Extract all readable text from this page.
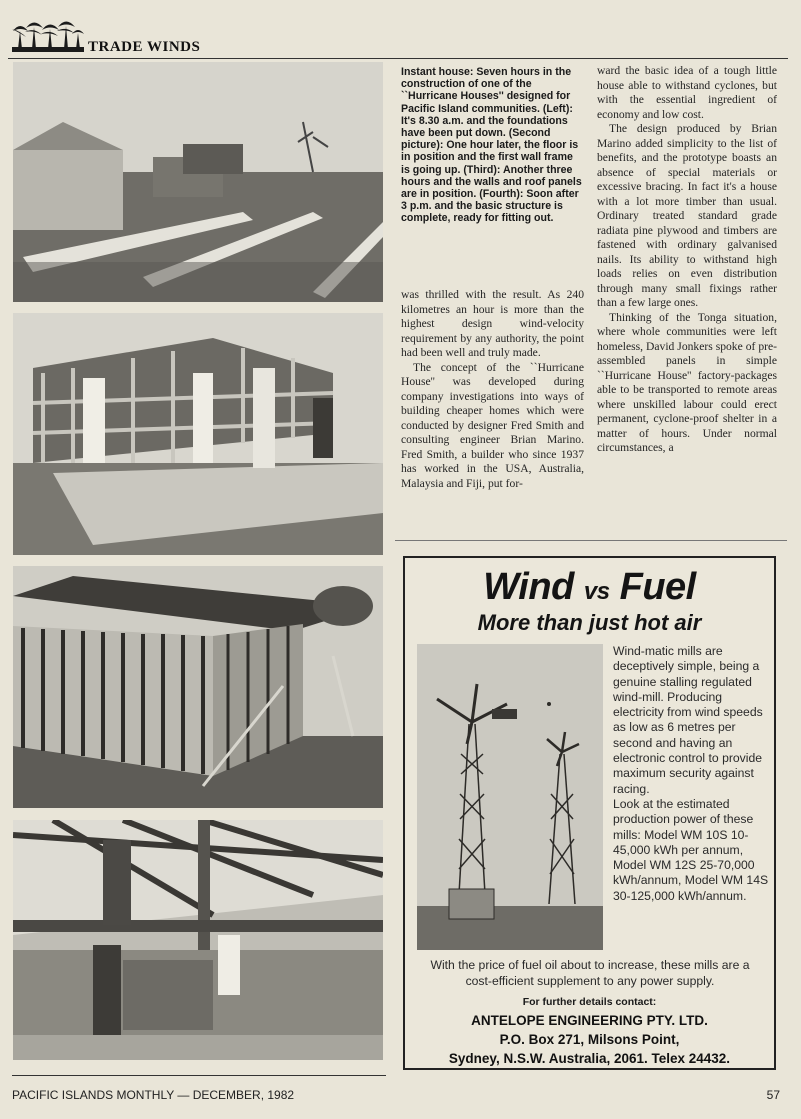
TRADE WINDS
Instant house: Seven hours in the construction of one of the ``Hurricane Houses'' designed for Pacific Island communities. (Left): It's 8.30 a.m. and the foundations have been put down. (Second picture): One hour later, the floor is in position and the first wall frame is going up. (Third): Another three hours and the walls and roof panels are in position. (Fourth): Soon after 3 p.m. and the basic structure is complete, ready for fitting out.

was thrilled with the result. As 240 kilometres an hour is more than the highest design wind-velocity requirement by any authority, the point had been well and truly made.

The concept of the ``Hurricane House'' was developed during company investigations into ways of building cheaper homes which were conducted by designer Fred Smith and consulting engineer Brian Marino. Fred Smith, a builder who since 1937 has worked in the USA, Australia, Malaysia and Fiji, put for-

ward the basic idea of a tough little house able to withstand cyclones, but with the essential ingredient of economy and low cost.

The design produced by Brian Marino added simplicity to the list of benefits, and the prototype boasts an absence of special materials or excessive bracing. In fact it's a house with a lot more timber than usual. Ordinary treated standard grade radiata pine plywood and timbers are fastened with ordinary galvanised nails. Its ability to withstand high loads relies on even distribution through many small fixings rather than a few large ones.

Thinking of the Tonga situation, where whole communities were left homeless, David Jonkers spoke of pre-assembled panels in simple ``Hurricane House'' factory-packages able to be transported to remote areas where unskilled labour could erect permanent, cyclone-proof shelter in a matter of hours. Under normal circumstances, a

Wind vs Fuel
More than just hot air

Wind-matic mills are deceptively simple, being a genuine stalling regulated wind-mill. Producing electricity from wind speeds as low as 6 metres per second and having an electronic control to provide maximum security against racing.

Look at the estimated production power of these mills: Model WM 10S 10-45,000 kWh per annum, Model WM 12S 25-70,000 kWh/annum, Model WM 14S 30-125,000 kWh/annum.

With the price of fuel oil about to increase, these mills are a cost-efficient supplement to any power supply.
For further details contact:
ANTELOPE ENGINEERING PTY. LTD.
P.O. Box 271, Milsons Point,
Sydney, N.S.W. Australia, 2061. Telex 24432.
PACIFIC ISLANDS MONTHLY — DECEMBER, 1982	57
